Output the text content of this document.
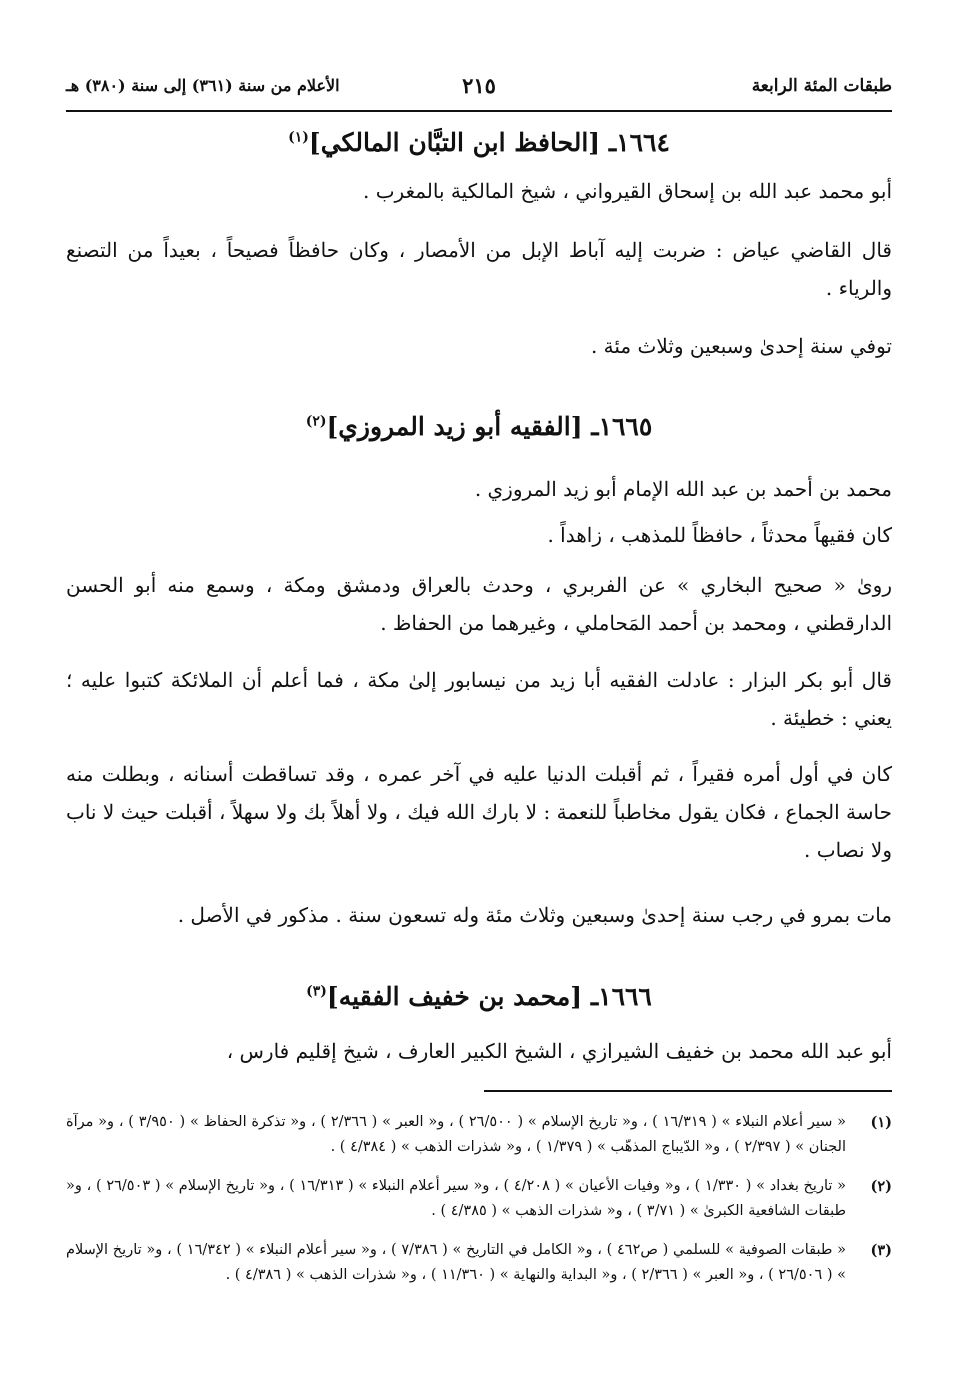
طبقات المئة الرابعة
٢١٥
الأعلام من سنة (٣٦١) إلى سنة (٣٨٠) هـ
١٦٦٤ـ [الحافظ ابن التبَّان المالكي]$^{(١)}$

أبو محمد عبد الله بن إسحاق القيرواني ، شيخ المالكية بالمغرب .

قال القاضي عياض : ضربت إليه آباط الإبل من الأمصار ، وكان حافظاً فصيحاً ، بعيداً من التصنع والرياء .

توفي سنة إحدىٰ وسبعين وثلاث مئة .

١٦٦٥ـ [الفقيه أبو زيد المروزي]$^{(٢)}$

محمد بن أحمد بن عبد الله الإمام أبو زيد المروزي .

كان فقيهاً محدثاً ، حافظاً للمذهب ، زاهداً .

روىٰ « صحيح البخاري » عن الفربري ، وحدث بالعراق ودمشق ومكة ، وسمع منه أبو الحسن الدارقطني ، ومحمد بن أحمد المَحاملي ، وغيرهما من الحفاظ .

قال أبو بكر البزار : عادلت الفقيه أبا زيد من نيسابور إلىٰ مكة ، فما أعلم أن الملائكة كتبوا عليه ؛ يعني : خطيئة .

كان في أول أمره فقيراً ، ثم أقبلت الدنيا عليه في آخر عمره ، وقد تساقطت أسنانه ، وبطلت منه حاسة الجماع ، فكان يقول مخاطباً للنعمة : لا بارك الله فيك ، ولا أهلاً بك ولا سهلاً ، أقبلت حيث لا ناب ولا نصاب .

مات بمرو في رجب سنة إحدىٰ وسبعين وثلاث مئة وله تسعون سنة . مذكور في الأصل .

١٦٦٦ـ [محمد بن خفيف الفقيه]$^{(٣)}$

أبو عبد الله محمد بن خفيف الشيرازي ، الشيخ الكبير العارف ، شيخ إقليم فارس ،

(١)
« سير أعلام النبلاء » ( ١٦/٣١٩ ) ، و« تاريخ الإسلام » ( ٢٦/٥٠٠ ) ، و« العبر » ( ٢/٣٦٦ ) ، و« تذكرة الحفاظ » ( ٣/٩٥٠ ) ، و« مرآة الجنان » ( ٢/٣٩٧ ) ، و« الدّيباج المذهّب » ( ١/٣٧٩ ) ، و« شذرات الذهب » ( ٤/٣٨٤ ) .
(٢)
« تاريخ بغداد » ( ١/٣٣٠ ) ، و« وفيات الأعيان » ( ٤/٢٠٨ ) ، و« سير أعلام النبلاء » ( ١٦/٣١٣ ) ، و« تاريخ الإسلام » ( ٢٦/٥٠٣ ) ، و« طبقات الشافعية الكبرىٰ » ( ٣/٧١ ) ، و« شذرات الذهب » ( ٤/٣٨٥ ) .
(٣)
« طبقات الصوفية » للسلمي ( ص٤٦٢ ) ، و« الكامل في التاريخ » ( ٧/٣٨٦ ) ، و« سير أعلام النبلاء » ( ١٦/٣٤٢ ) ، و« تاريخ الإسلام » ( ٢٦/٥٠٦ ) ، و« العبر » ( ٢/٣٦٦ ) ، و« البداية والنهاية » ( ١١/٣٦٠ ) ، و« شذرات الذهب » ( ٤/٣٨٦ ) .
